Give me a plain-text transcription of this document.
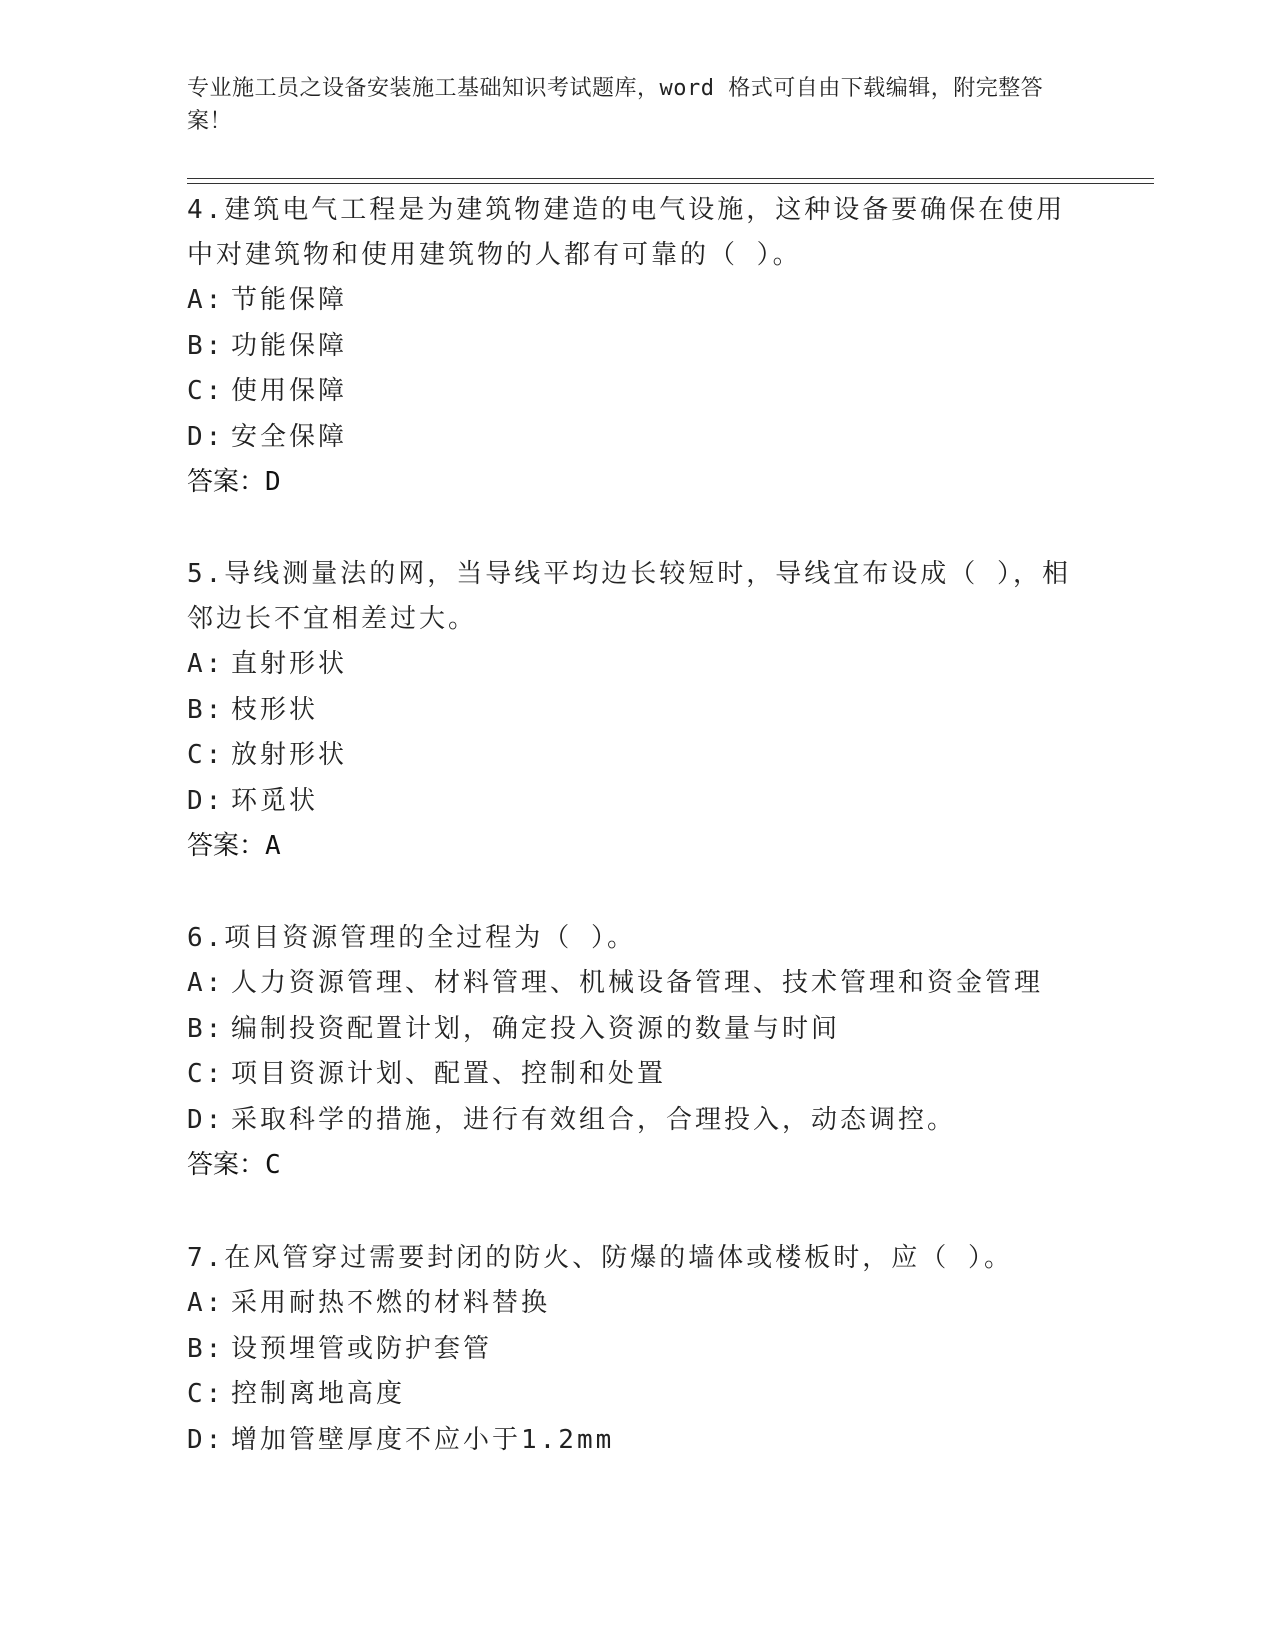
专业施工员之设备安装施工基础知识考试题库，word 格式可自由下载编辑，附完整答案！

4.建筑电气工程是为建筑物建造的电气设施，这种设备要确保在使用中对建筑物和使用建筑物的人都有可靠的（ ）。

A: 节能保障
B: 功能保障
C: 使用保障
D: 安全保障
答案：D

5.导线测量法的网，当导线平均边长较短时，导线宜布设成（ ），相邻边长不宜相差过大。

A: 直射形状
B: 枝形状
C: 放射形状
D: 环觅状
答案：A

6.项目资源管理的全过程为（ ）。

A: 人力资源管理、材料管理、机械设备管理、技术管理和资金管理
B: 编制投资配置计划，确定投入资源的数量与时间
C: 项目资源计划、配置、控制和处置
D: 采取科学的措施，进行有效组合，合理投入，动态调控。
答案：C

7.在风管穿过需要封闭的防火、防爆的墙体或楼板时，应（ ）。

A: 采用耐热不燃的材料替换
B: 设预埋管或防护套管
C: 控制离地高度
D: 增加管壁厚度不应小于1.2mm
